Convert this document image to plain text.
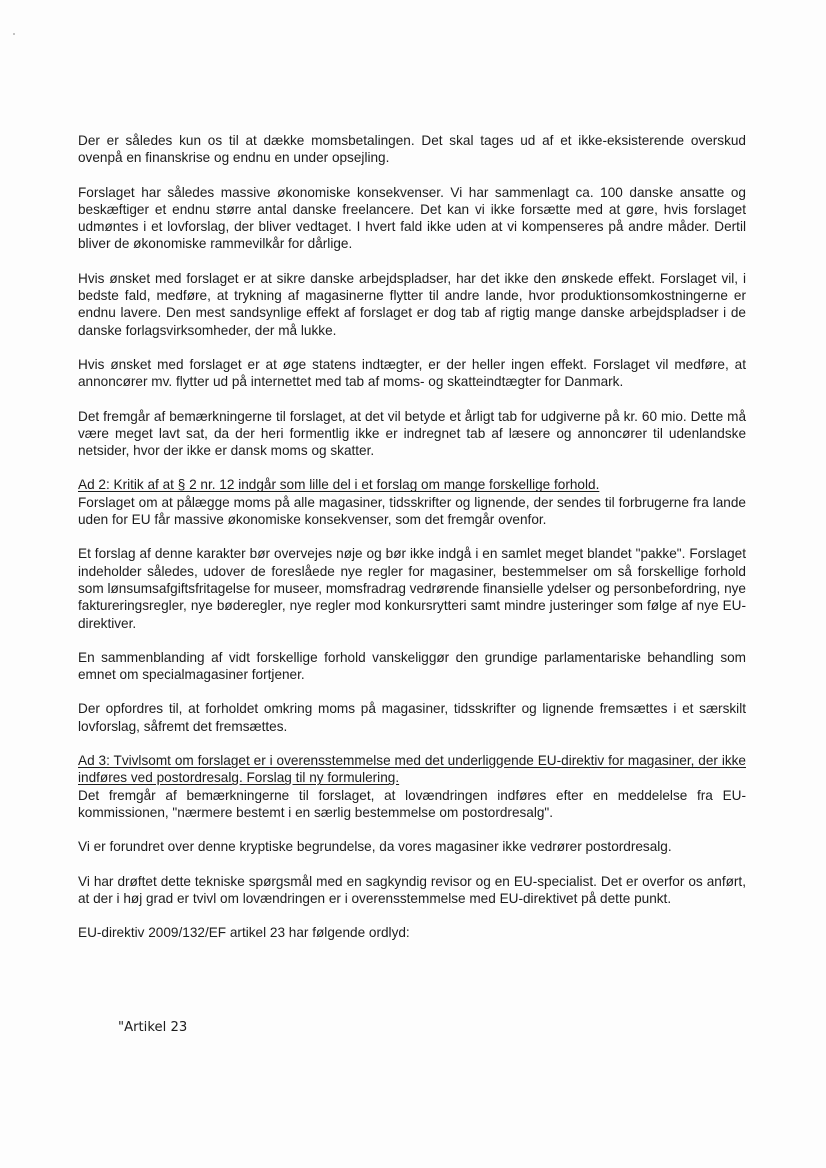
Der er således kun os til at dække momsbetalingen. Det skal tages ud af et ikke-eksisterende overskud ovenpå en finanskrise og endnu en under opsejling.

Forslaget har således massive økonomiske konsekvenser. Vi har sammenlagt ca. 100 danske ansatte og beskæftiger et endnu større antal danske freelancere. Det kan vi ikke forsætte med at gøre, hvis forslaget udmøntes i et lovforslag, der bliver vedtaget. I hvert fald ikke uden at vi kompenseres på andre måder. Dertil bliver de økonomiske rammevilkår for dårlige.

Hvis ønsket med forslaget er at sikre danske arbejdspladser, har det ikke den ønskede effekt. Forslaget vil, i bedste fald, medføre, at trykning af magasinerne flytter til andre lande, hvor produktionsomkostningerne er endnu lavere. Den mest sandsynlige effekt af forslaget er dog tab af rigtig mange danske arbejdspladser i de danske forlagsvirksomheder, der må lukke.

Hvis ønsket med forslaget er at øge statens indtægter, er der heller ingen effekt. Forslaget vil medføre, at annoncører mv. flytter ud på internettet med tab af moms- og skatteindtægter for Danmark.

Det fremgår af bemærkningerne til forslaget, at det vil betyde et årligt tab for udgiverne på kr. 60 mio. Dette må være meget lavt sat, da der heri formentlig ikke er indregnet tab af læsere og annoncører til udenlandske netsider, hvor der ikke er dansk moms og skatter.

Ad 2: Kritik af at § 2 nr. 12 indgår som lille del i et forslag om mange forskellige forhold.

Forslaget om at pålægge moms på alle magasiner, tidsskrifter og lignende, der sendes til forbrugerne fra lande uden for EU får massive økonomiske konsekvenser, som det fremgår ovenfor.

Et forslag af denne karakter bør overvejes nøje og bør ikke indgå i en samlet meget blandet "pakke". Forslaget indeholder således, udover de foreslåede nye regler for magasiner, bestemmelser om så forskellige forhold som lønsumsafgiftsfritagelse for museer, momsfradrag vedrørende finansielle ydelser og personbefordring, nye faktureringsregler, nye bøderegler, nye regler mod konkursrytteri samt mindre justeringer som følge af nye EU-direktiver.

En sammenblanding af vidt forskellige forhold vanskeliggør den grundige parlamentariske behandling som emnet om specialmagasiner fortjener.

Der opfordres til, at forholdet omkring moms på magasiner, tidsskrifter og lignende fremsættes i et særskilt lovforslag, såfremt det fremsættes.

Ad 3: Tvivlsomt om forslaget er i overensstemmelse med det underliggende EU-direktiv for magasiner, der ikke indføres ved postordresalg. Forslag til ny formulering.

Det fremgår af bemærkningerne til forslaget, at lovændringen indføres efter en meddelelse fra EU-kommissionen, "nærmere bestemt i en særlig bestemmelse om postordresalg".

Vi er forundret over denne kryptiske begrundelse, da vores magasiner ikke vedrører postordresalg.

Vi har drøftet dette tekniske spørgsmål med en sagkyndig revisor og en EU-specialist. Det er overfor os anført, at der i høj grad er tvivl om lovændringen er i overensstemmelse med EU-direktivet på dette punkt.

EU-direktiv 2009/132/EF artikel 23 har følgende ordlyd:

"Artikel 23
